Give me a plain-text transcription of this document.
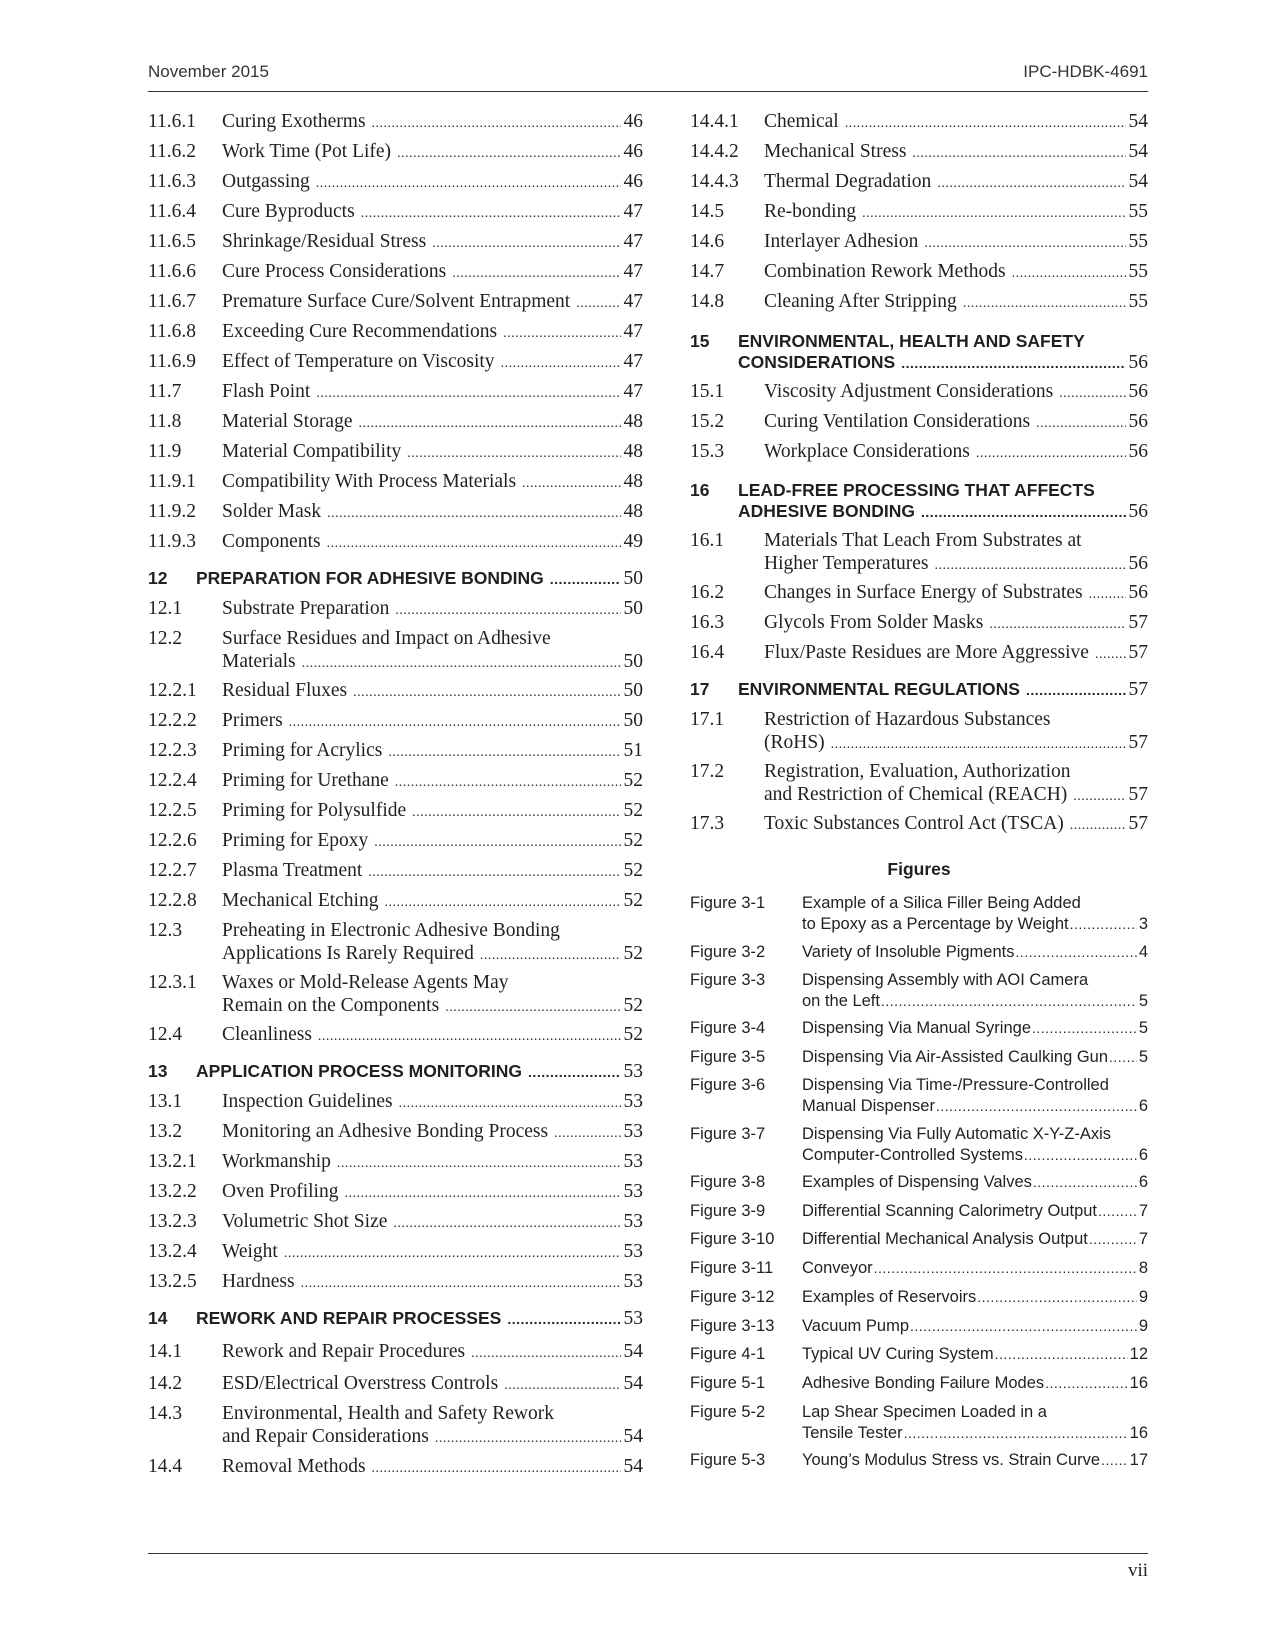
November 2015	IPC-HDBK-4691
11.6.1 Curing Exotherms .....	46
11.6.2 Work Time (Pot Life) .....	46
11.6.3 Outgassing .....	46
11.6.4 Cure Byproducts .....	47
11.6.5 Shrinkage/Residual Stress .....	47
11.6.6 Cure Process Considerations .....	47
11.6.7 Premature Surface Cure/Solvent Entrapment .....	47
11.6.8 Exceeding Cure Recommendations .....	47
11.6.9 Effect of Temperature on Viscosity .....	47
11.7 Flash Point .....	47
11.8 Material Storage .....	48
11.9 Material Compatibility .....	48
11.9.1 Compatibility With Process Materials .....	48
11.9.2 Solder Mask .....	48
11.9.3 Components .....	49
12 PREPARATION FOR ADHESIVE BONDING .....	50
12.1 Substrate Preparation .....	50
12.2 Surface Residues and Impact on Adhesive
Materials .....	50
12.2.1 Residual Fluxes .....	50
12.2.2 Primers .....	50
12.2.3 Priming for Acrylics .....	51
12.2.4 Priming for Urethane .....	52
12.2.5 Priming for Polysulfide .....	52
12.2.6 Priming for Epoxy .....	52
12.2.7 Plasma Treatment .....	52
12.2.8 Mechanical Etching .....	52
12.3 Preheating in Electronic Adhesive Bonding
Applications Is Rarely Required .....	52
12.3.1 Waxes or Mold-Release Agents May
Remain on the Components .....	52
12.4 Cleanliness .....	52
13 APPLICATION PROCESS MONITORING .....	53
13.1 Inspection Guidelines .....	53
13.2 Monitoring an Adhesive Bonding Process .....	53
13.2.1 Workmanship .....	53
13.2.2 Oven Profiling .....	53
13.2.3 Volumetric Shot Size .....	53
13.2.4 Weight .....	53
13.2.5 Hardness .....	53
14 REWORK AND REPAIR PROCESSES .....	53
14.1 Rework and Repair Procedures .....	54
14.2 ESD/Electrical Overstress Controls .....	54
14.3 Environmental, Health and Safety Rework
and Repair Considerations .....	54
14.4 Removal Methods .....	54
Figures
14.4.1 Chemical .....	54
14.4.2 Mechanical Stress .....	54
14.4.3 Thermal Degradation .....	54
14.5 Re-bonding .....	55
14.6 Interlayer Adhesion .....	55
14.7 Combination Rework Methods .....	55
14.8 Cleaning After Stripping .....	55
15 ENVIRONMENTAL, HEALTH AND SAFETY
CONSIDERATIONS .....	56
15.1 Viscosity Adjustment Considerations .....	56
15.2 Curing Ventilation Considerations .....	56
15.3 Workplace Considerations .....	56
16 LEAD-FREE PROCESSING THAT AFFECTS
ADHESIVE BONDING .....	56
16.1 Materials That Leach From Substrates at
Higher Temperatures .....	56
16.2 Changes in Surface Energy of Substrates ..... 56
16.3 Glycols From Solder Masks .....	57
16.4 Flux/Paste Residues are More Aggressive ..... 57
17 ENVIRONMENTAL REGULATIONS .....	57
17.1 Restriction of Hazardous Substances
(RoHS) .....	57
17.2 Registration, Evaluation, Authorization
and Restriction of Chemical (REACH) .....	57
17.3 Toxic Substances Control Act (TSCA) .....	57
Figure 3-1 Example of a Silica Filler Being Added
to Epoxy as a Percentage by Weight .....	3
Figure 3-2 Variety of Insoluble Pigments .....	4
Figure 3-3 Dispensing Assembly with AOI Camera
on the Left .....	5
Figure 3-4 Dispensing Via Manual Syringe .....	5
Figure 3-5 Dispensing Via Air-Assisted Caulking Gun ..... 5
Figure 3-6 Dispensing Via Time-/Pressure-Controlled
Manual Dispenser .....	6
Figure 3-7 Dispensing Via Fully Automatic X-Y-Z-Axis
Computer-Controlled Systems .....	6
Figure 3-8 Examples of Dispensing Valves .....	6
Figure 3-9 Differential Scanning Calorimetry Output .....	7
Figure 3-10 Differential Mechanical Analysis Output .....	7
Figure 3-11 Conveyor .....	8
Figure 3-12 Examples of Reservoirs .....	9
Figure 3-13 Vacuum Pump .....	9
Figure 4-1 Typical UV Curing System .....	12
Figure 5-1 Adhesive Bonding Failure Modes .....	16
Figure 5-2 Lap Shear Specimen Loaded in a
Tensile Tester .....	16
Figure 5-3 Young’s Modulus Stress vs. Strain Curve ..... 17
vii
